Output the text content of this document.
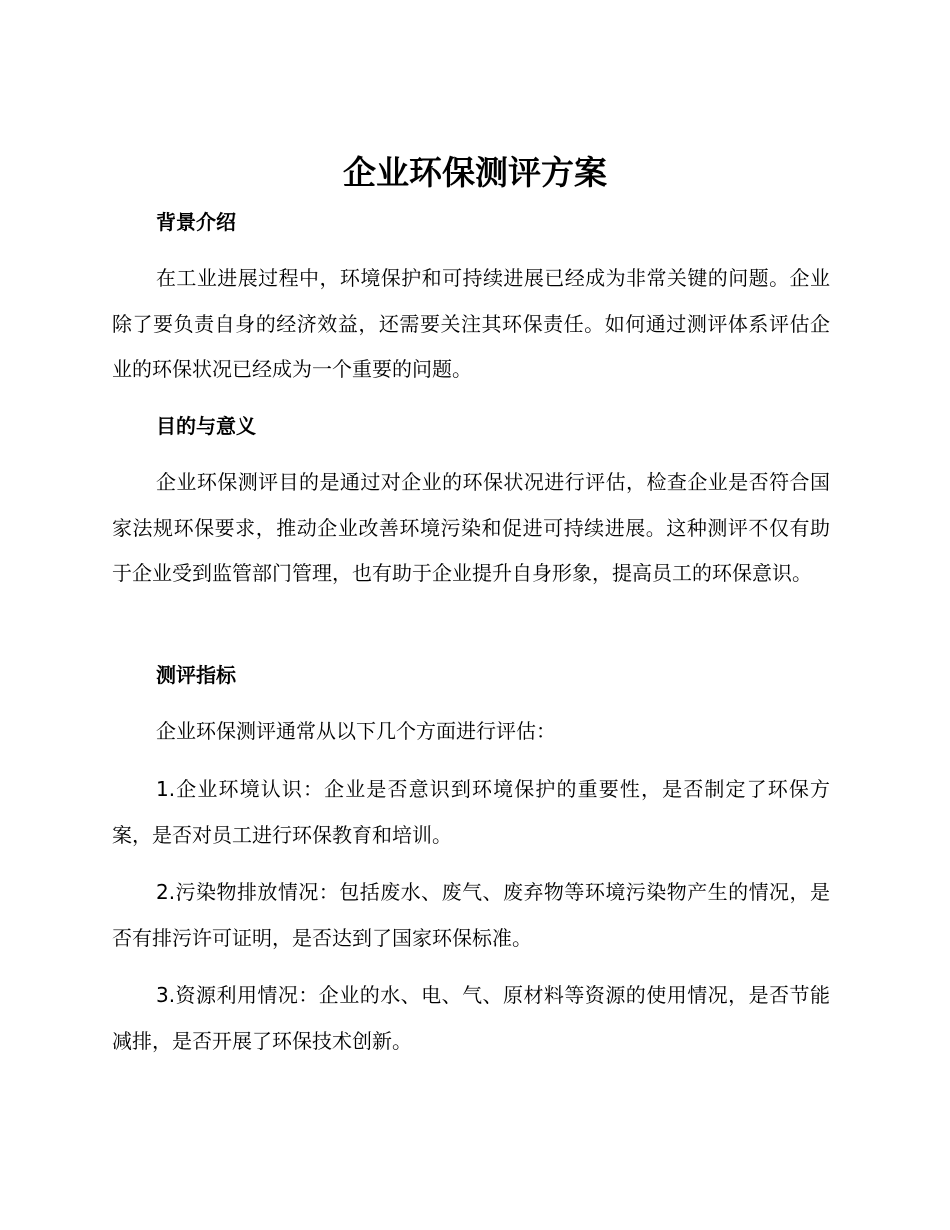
企业环保测评方案
背景介绍

在工业进展过程中，环境保护和可持续进展已经成为非常关键的问题。企业除了要负责自身的经济效益，还需要关注其环保责任。如何通过测评体系评估企业的环保状况已经成为一个重要的问题。

目的与意义

企业环保测评目的是通过对企业的环保状况进行评估，检查企业是否符合国家法规环保要求，推动企业改善环境污染和促进可持续进展。这种测评不仅有助于企业受到监管部门管理，也有助于企业提升自身形象，提高员工的环保意识。

测评指标

企业环保测评通常从以下几个方面进行评估：

1.企业环境认识：企业是否意识到环境保护的重要性，是否制定了环保方案，是否对员工进行环保教育和培训。

2.污染物排放情况：包括废水、废气、废弃物等环境污染物产生的情况，是否有排污许可证明，是否达到了国家环保标准。

3.资源利用情况：企业的水、电、气、原材料等资源的使用情况，是否节能减排，是否开展了环保技术创新。
